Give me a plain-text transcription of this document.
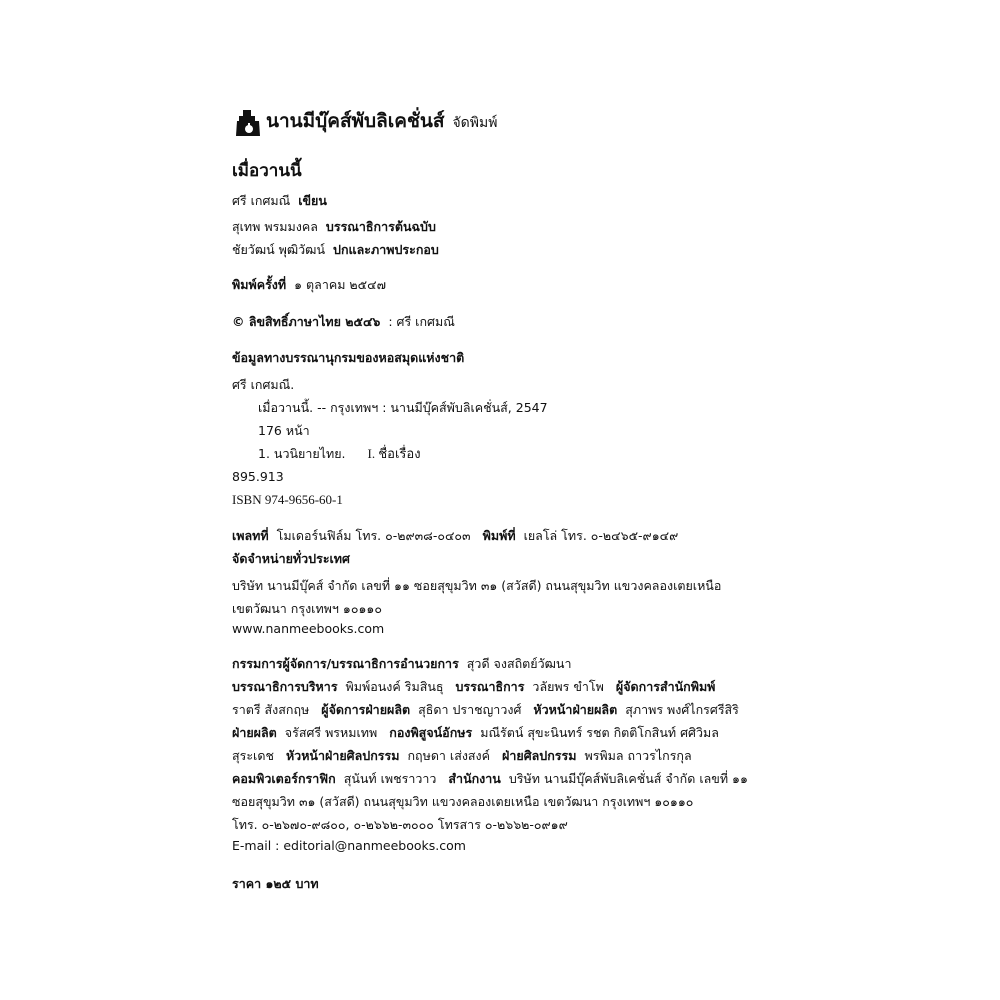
นานมีบุ๊คส์พับลิเคชั่นส์ จัดพิมพ์
เมื่อวานนี้
ศรี เกศมณี เขียน
สุเทพ พรมมงคล บรรณาธิการต้นฉบับ
ชัยวัฒน์ พุฒิวัฒน์ ปกและภาพประกอบ
พิมพ์ครั้งที่ ๑ ตุลาคม ๒๕๔๗
© ลิขสิทธิ์ภาษาไทย ๒๕๔๖ : ศรี เกศมณี
ข้อมูลทางบรรณานุกรมของหอสมุดแห่งชาติ
ศรี เกศมณี.
เมื่อวานนี้. -- กรุงเทพฯ : นานมีบุ๊คส์พับลิเคชั่นส์, 2547
176 หน้า
1. นวนิยายไทย. I. ชื่อเรื่อง
895.913
ISBN 974-9656-60-1
เพลทที่ โมเดอร์นฟิล์ม โทร. ๐-๒๙๓๘-๐๔๐๓ พิมพ์ที่ เยลโล่ โทร. ๐-๒๔๖๕-๙๑๔๙
จัดจำหน่ายทั่วประเทศ
บริษัท นานมีบุ๊คส์ จำกัด เลขที่ ๑๑ ซอยสุขุมวิท ๓๑ (สวัสดี) ถนนสุขุมวิท แขวงคลองเตยเหนือ
เขตวัฒนา กรุงเทพฯ ๑๐๑๑๐
www.nanmeebooks.com
กรรมการผู้จัดการ/บรรณาธิการอำนวยการ สุวดี จงสถิตย์วัฒนา
บรรณาธิการบริหาร พิมพ์อนงค์ ริมสินธุ บรรณาธิการ วลัยพร ขำโพ ผู้จัดการสำนักพิมพ์
ราตรี สังสกฤษ ผู้จัดการฝ่ายผลิต สุธิดา ปราชญาวงศ์ หัวหน้าฝ่ายผลิต สุภาพร พงศ์ไกรศรีสิริ
ฝ่ายผลิต จรัสศรี พรหมเทพ กองพิสูจน์อักษร มณีรัตน์ สุขะนินทร์ รชต กิตติโกสินท์ ศศิวิมล
สุระเดช หัวหน้าฝ่ายศิลปกรรม กฤษดา เส่งสงค์ ฝ่ายศิลปกรรม พรพิมล ถาวรไกรกุล
คอมพิวเตอร์กราฟิก สุนันท์ เพชราวาว สำนักงาน บริษัท นานมีบุ๊คส์พับลิเคชั่นส์ จำกัด เลขที่ ๑๑
ซอยสุขุมวิท ๓๑ (สวัสดี) ถนนสุขุมวิท แขวงคลองเตยเหนือ เขตวัฒนา กรุงเทพฯ ๑๐๑๑๐
โทร. ๐-๒๖๗๐-๙๘๐๐, ๐-๒๖๖๒-๓๐๐๐ โทรสาร ๐-๒๖๖๒-๐๙๑๙
E-mail : editorial@nanmeebooks.com
ราคา ๑๒๕ บาท
